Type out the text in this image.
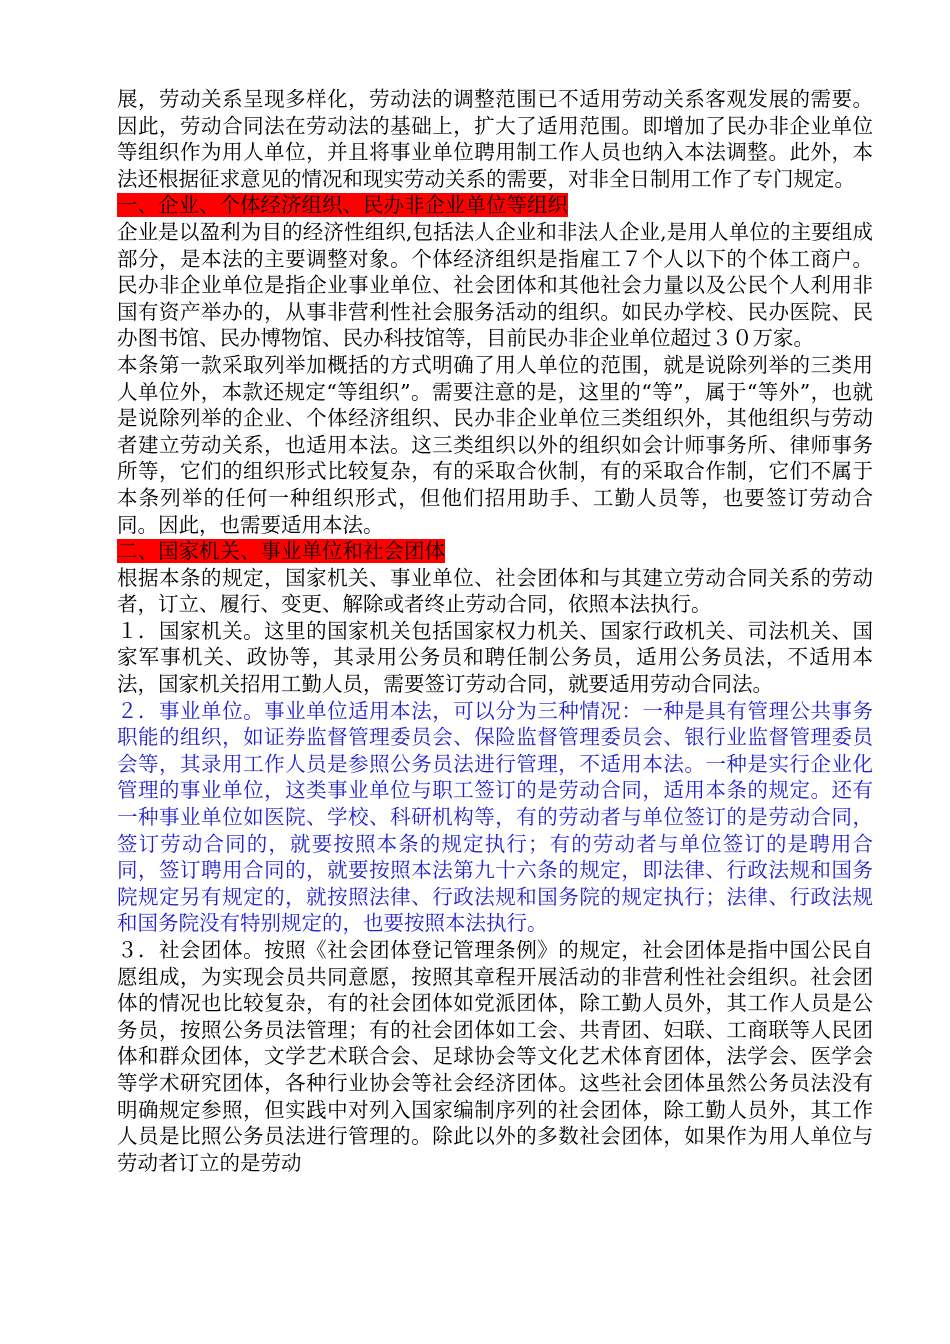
展，劳动关系呈现多样化，劳动法的调整范围已不适用劳动关系客观发展的需要。因此，劳动合同法在劳动法的基础上，扩大了适用范围。即增加了民办非企业单位等组织作为用人单位，并且将事业单位聘用制工作人员也纳入本法调整。此外，本法还根据征求意见的情况和现实劳动关系的需要，对非全日制用工作了专门规定。

一、企业、个体经济组织、民办非企业单位等组织

企业是以盈利为目的经济性组织,包括法人企业和非法人企业,是用人单位的主要组成部分，是本法的主要调整对象。个体经济组织是指雇工７个人以下的个体工商户。民办非企业单位是指企业事业单位、社会团体和其他社会力量以及公民个人利用非国有资产举办的，从事非营利性社会服务活动的组织。如民办学校、民办医院、民办图书馆、民办博物馆、民办科技馆等，目前民办非企业单位超过３０万家。

本条第一款采取列举加概括的方式明确了用人单位的范围，就是说除列举的三类用人单位外，本款还规定“等组织”。需要注意的是，这里的“等”，属于“等外”，也就是说除列举的企业、个体经济组织、民办非企业单位三类组织外，其他组织与劳动者建立劳动关系，也适用本法。这三类组织以外的组织如会计师事务所、律师事务所等，它们的组织形式比较复杂，有的采取合伙制，有的采取合作制，它们不属于本条列举的任何一种组织形式，但他们招用助手、工勤人员等，也要签订劳动合同。因此，也需要适用本法。

二、国家机关、事业单位和社会团体

根据本条的规定，国家机关、事业单位、社会团体和与其建立劳动合同关系的劳动者，订立、履行、变更、解除或者终止劳动合同，依照本法执行。

１．国家机关。这里的国家机关包括国家权力机关、国家行政机关、司法机关、国家军事机关、政协等，其录用公务员和聘任制公务员，适用公务员法，不适用本法，国家机关招用工勤人员，需要签订劳动合同，就要适用劳动合同法。

２．事业单位。事业单位适用本法，可以分为三种情况：一种是具有管理公共事务职能的组织，如证券监督管理委员会、保险监督管理委员会、银行业监督管理委员会等，其录用工作人员是参照公务员法进行管理，不适用本法。一种是实行企业化管理的事业单位，这类事业单位与职工签订的是劳动合同，适用本条的规定。还有一种事业单位如医院、学校、科研机构等，有的劳动者与单位签订的是劳动合同，签订劳动合同的，就要按照本条的规定执行；有的劳动者与单位签订的是聘用合同，签订聘用合同的，就要按照本法第九十六条的规定，即法律、行政法规和国务院规定另有规定的，就按照法律、行政法规和国务院的规定执行；法律、行政法规和国务院没有特别规定的，也要按照本法执行。

３．社会团体。按照《社会团体登记管理条例》的规定，社会团体是指中国公民自愿组成，为实现会员共同意愿，按照其章程开展活动的非营利性社会组织。社会团体的情况也比较复杂，有的社会团体如党派团体，除工勤人员外，其工作人员是公务员，按照公务员法管理；有的社会团体如工会、共青团、妇联、工商联等人民团体和群众团体，文学艺术联合会、足球协会等文化艺术体育团体，法学会、医学会等学术研究团体，各种行业协会等社会经济团体。这些社会团体虽然公务员法没有明确规定参照，但实践中对列入国家编制序列的社会团体，除工勤人员外，其工作人员是比照公务员法进行管理的。除此以外的多数社会团体，如果作为用人单位与劳动者订立的是劳动
